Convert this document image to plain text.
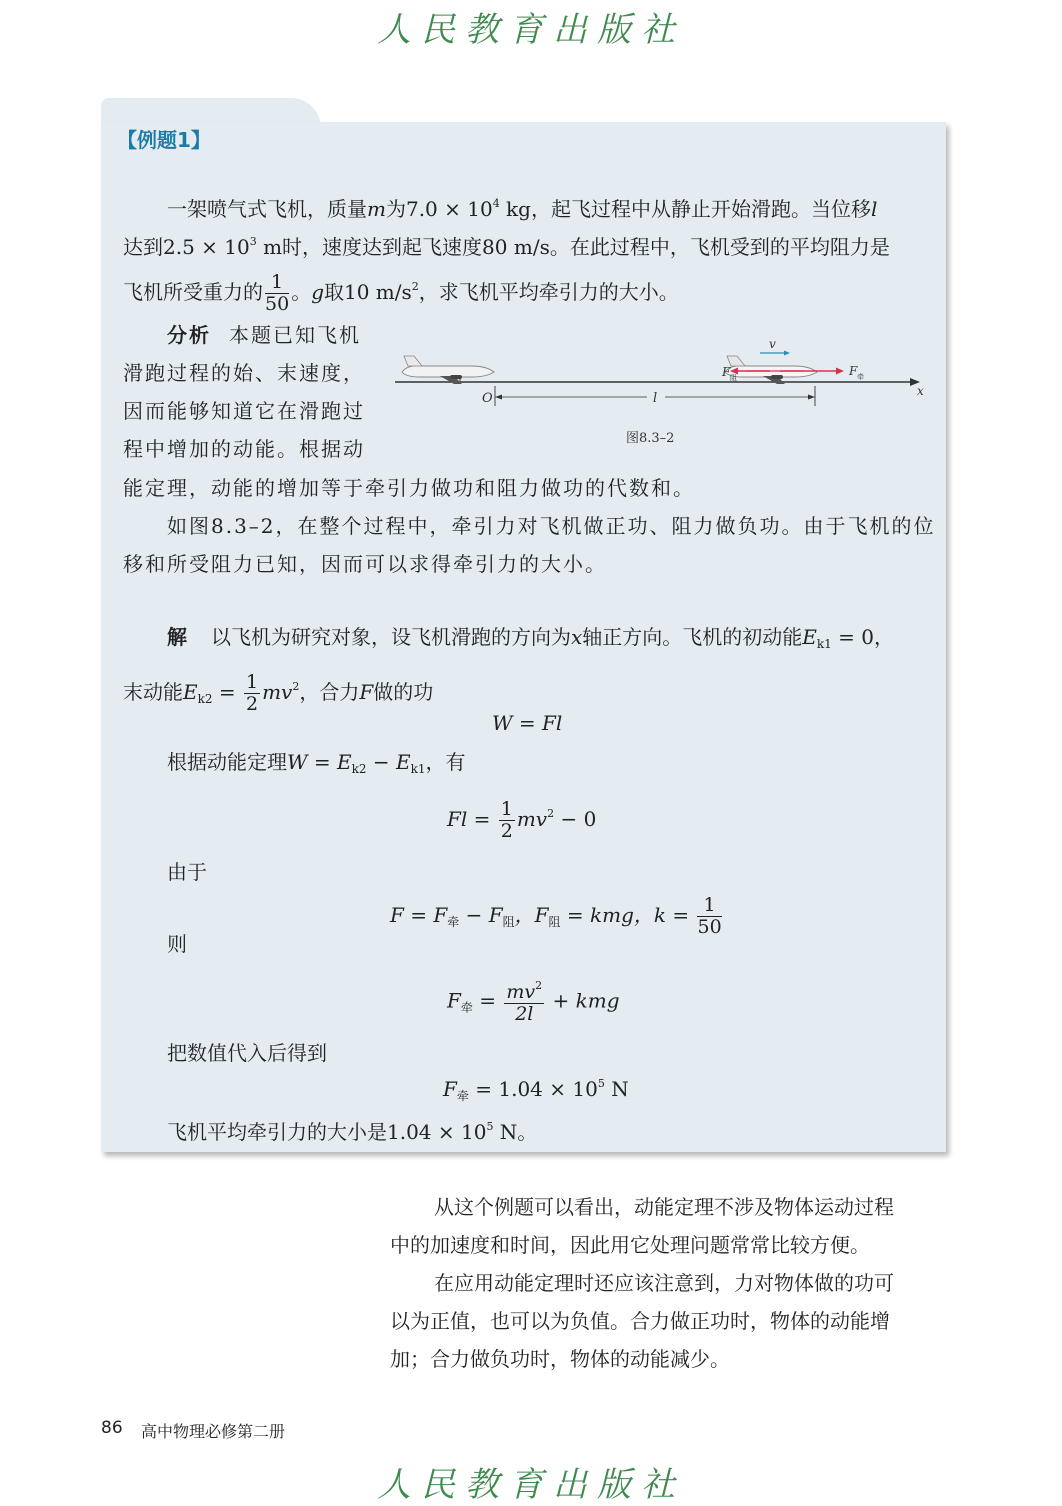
人民教育出版社
【例题1】
一架喷气式飞机，质量m为$7.0 \times 10^4$ kg，起飞过程中从静止开始滑跑。当位移l
达到$2.5 \times 10^3$ m时，速度达到起飞速度80 m/s。在此过程中，飞机受到的平均阻力是
飞机所受重力的 $\frac{1}{50}$ 。g取10 $m/s^2$，求飞机平均牵引力的大小。
分析 本题已知飞机
滑跑过程的始、末速度，
因而能够知道它在滑跑过
程中增加的动能。根据动
能定理，动能的增加等于牵引力做功和阻力做功的代数和。
如图8.3–2，在整个过程中，牵引力对飞机做正功、阻力做负功。由于飞机的位
移和所受阻力已知，因而可以求得牵引力的大小。
x
F 阻	F 牵
v
O	l
图8.3–2
解 以飞机为研究对象，设飞机滑跑的方向为x轴正方向。飞机的初动能$E_{k1} = 0$，
末动能$E_{k2} = \frac{1}{2} mv^2$，合力F做的功
W = Fl
根据动能定理$W = E_{k2} - E_{k1}$，有
$Fl = \frac{1}{2} mv^2 - 0$
由于
$F = F_牵 - F_阻$，$F_阻$ = kmg，$k = \frac{1}{50}$
则
$F_牵 = \frac{mv^2}{2l}$ + kmg
把数值代入后得到
$F_牵 = 1.04 \times 10^5$ N
飞机平均牵引力的大小是$1.04 \times 10^5$ N。
从这个例题可以看出，动能定理不涉及物体运动过程
中的加速度和时间，因此用它处理问题常常比较方便。
在应用动能定理时还应该注意到，力对物体做的功可
以为正值，也可以为负值。合力做正功时，物体的动能增
加；合力做负功时，物体的动能减少。
86 高中物理必修第二册
人民教育出版社
